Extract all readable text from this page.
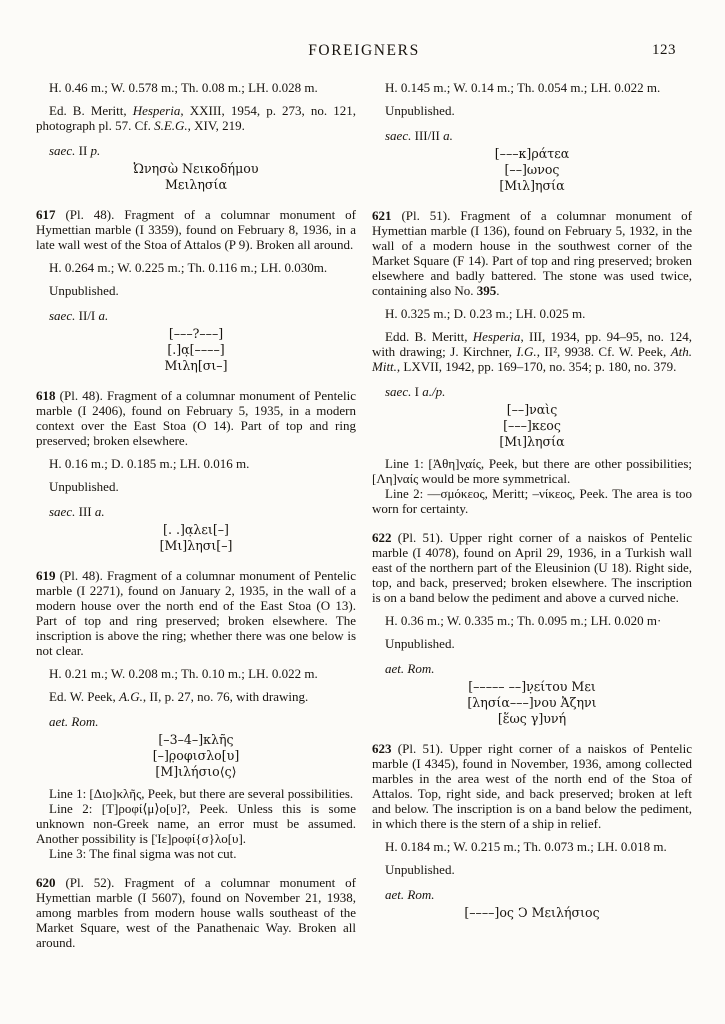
FOREIGNERS	123
H. 0.46 m.; W. 0.578 m.; Th. 0.08 m.; LH. 0.028 m.
Ed. B. Meritt, Hesperia, XXIII, 1954, p. 273, no. 121, photograph pl. 57. Cf. S.E.G., XIV, 219.
saec. II p.
Ὠνησὼ Νεικοδήμου
Μειλησία
617 (Pl. 48). Fragment of a columnar monument of Hymettian marble (I 3359), found on February 8, 1936, in a late wall west of the Stoa of Attalos (P 9). Broken all around.
H. 0.264 m.; W. 0.225 m.; Th. 0.116 m.; LH. 0.030m.
Unpublished.
saec. II/I a.
[–––?–––]
[.]α̣[––––]
Μιλη[σι–]
618 (Pl. 48). Fragment of a columnar monument of Pentelic marble (I 2406), found on February 5, 1935, in a modern context over the East Stoa (O 14). Part of top and ring preserved; broken elsewhere.
H. 0.16 m.; D. 0.185 m.; LH. 0.016 m.
Unpublished.
saec. III a.
[. .]α̣λει[–]
[Μι]λησι[–]
619 (Pl. 48). Fragment of a columnar monument of Pentelic marble (I 2271), found on January 2, 1935, in the wall of a modern house over the north end of the East Stoa (O 13). Part of top and ring preserved; broken elsewhere. The inscription is above the ring; whether there was one below is not clear.
H. 0.21 m.; W. 0.208 m.; Th. 0.10 m.; LH. 0.022 m.
Ed. W. Peek, A.G., II, p. 27, no. 76, with drawing.
aet. Rom.
[–3–4–]κλῆς
[–]ρ̣οφισλο[υ]
[Μ]ιλήσιο⟨ς⟩
Line 1: [Διο]κλῆς, Peek, but there are several possibilities.
Line 2: [Τ]ροφί⟨μ⟩ο[υ]?, Peek. Unless this is some unknown non-Greek name, an error must be assumed. Another possibility is [Ἱε]ροφί{σ}λο[υ].
Line 3: The final sigma was not cut.
620 (Pl. 52). Fragment of a columnar monument of Hymettian marble (I 5607), found on November 21, 1938, among marbles from modern house walls southeast of the Market Square, west of the Panathenaic Way. Broken all around.
H. 0.145 m.; W. 0.14 m.; Th. 0.054 m.; LH. 0.022 m.
Unpublished.
saec. III/II a.
[–––κ]ράτεα
[––]ωνος
[Μιλ]ησία
621 (Pl. 51). Fragment of a columnar monument of Hymettian marble (I 136), found on February 5, 1932, in the wall of a modern house in the southwest corner of the Market Square (F 14). Part of top and ring preserved; broken elsewhere and badly battered. The stone was used twice, containing also No. 395.
H. 0.325 m.; D. 0.23 m.; LH. 0.025 m.
Edd. B. Meritt, Hesperia, III, 1934, pp. 94–95, no. 124, with drawing; J. Kirchner, I.G., II², 9938. Cf. W. Peek, Ath. Mitt., LXVII, 1942, pp. 169–170, no. 354; p. 180, no. 379.
saec. I a./p.
[––]ναὶς
[–––]κεος
[Μι]λησία
Line 1: [Ἀθη]ν̣αίς, Peek, but there are other possibilities; [Λη]ναίς would be more symmetrical.
Line 2: ––σμόκεος, Meritt; –νίκεος, Peek. The area is too worn for certainty.
622 (Pl. 51). Upper right corner of a naiskos of Pentelic marble (I 4078), found on April 29, 1936, in a Turkish wall east of the northern part of the Eleusinion (U 18). Right side, top, and back, preserved; broken elsewhere. The inscription is on a band below the pediment and above a curved niche.
H. 0.36 m.; W. 0.335 m.; Th. 0.095 m.; LH. 0.020 m·
Unpublished.
aet. Rom.
[––––– ––]ν̣είτου Μει
[λησία–––]νου Ἀζηνι
[ἕως γ]υνή
623 (Pl. 51). Upper right corner of a naiskos of Pentelic marble (I 4345), found in November, 1936, among collected marbles in the area west of the north end of the Stoa of Attalos. Top, right side, and back preserved; broken at left and below. The inscription is on a band below the pediment, in which there is the stern of a ship in relief.
H. 0.184 m.; W. 0.215 m.; Th. 0.073 m.; LH. 0.018 m.
Unpublished.
aet. Rom.
[––––]ος Ͻ Μειλήσιος
